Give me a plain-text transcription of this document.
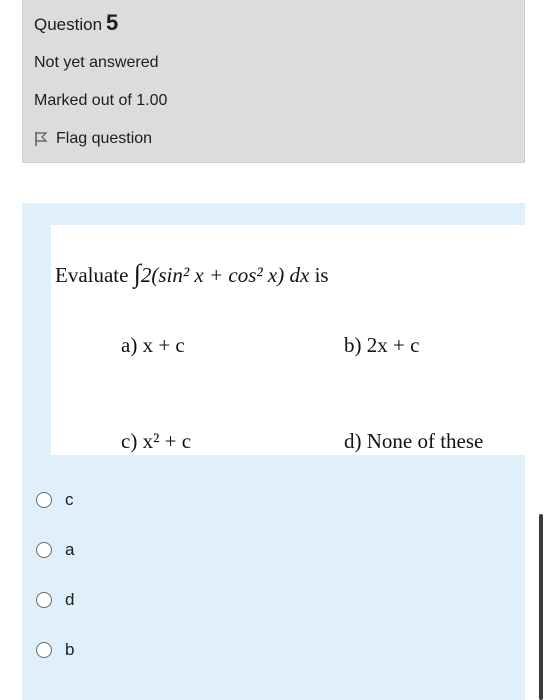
Question 5
Not yet answered
Marked out of 1.00
Flag question
Evaluate ∫2(sin² x + cos² x) dx is
a) x + c	b) 2x + c
c) x² + c	d) None of these
c
a
d
b
